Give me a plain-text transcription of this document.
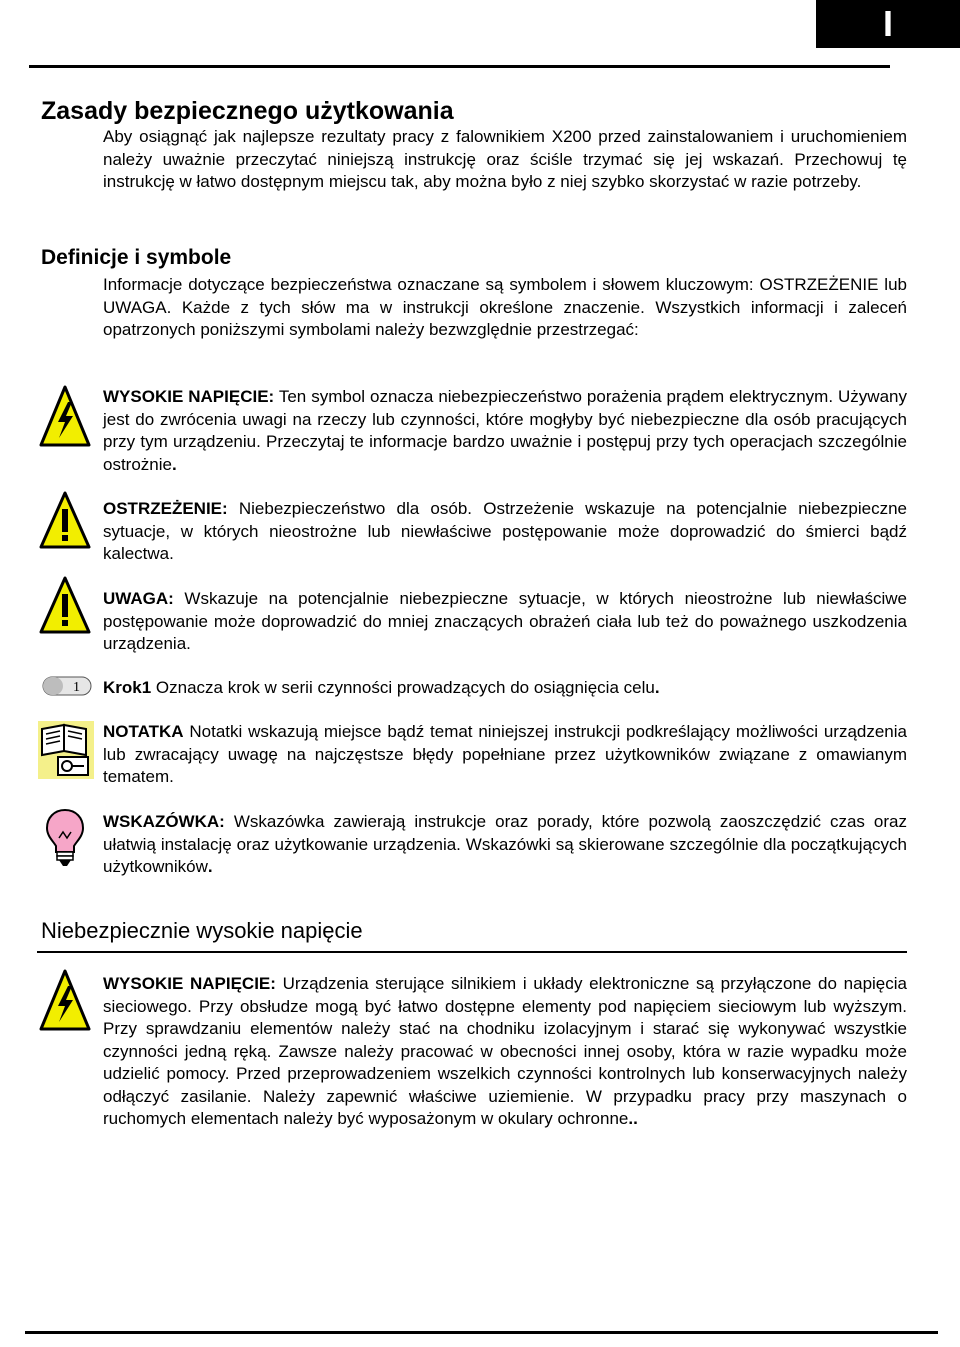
I
Zasady bezpiecznego użytkowania

Aby osiągnąć jak najlepsze rezultaty pracy z falownikiem X200 przed zainstalowaniem i uruchomieniem należy uważnie przeczytać niniejszą instrukcję oraz ściśle trzymać się jej wskazań. Przechowuj tę instrukcję w łatwo dostępnym miejscu tak, aby można było z niej szybko skorzystać w razie potrzeby.

Definicje i symbole

Informacje dotyczące bezpieczeństwa oznaczane są symbolem i słowem kluczowym: OSTRZEŻENIE lub UWAGA. Każde z tych słów ma w instrukcji określone znaczenie. Wszystkich informacji i zaleceń opatrzonych poniższymi symbolami należy bezwzględnie przestrzegać:

WYSOKIE NAPIĘCIE: Ten symbol oznacza niebezpieczeństwo porażenia prądem elektrycznym. Używany jest do zwrócenia uwagi na rzeczy lub czynności, które mogłyby być niebezpieczne dla osób pracujących przy tym urządzeniu. Przeczytaj te informacje bardzo uważnie i postępuj przy tych operacjach szczególnie ostrożnie.

OSTRZEŻENIE: Niebezpieczeństwo dla osób. Ostrzeżenie wskazuje na potencjalnie niebezpieczne sytuacje, w których nieostrożne lub niewłaściwe postępowanie może doprowadzić do śmierci bądź kalectwa.

UWAGA: Wskazuje na potencjalnie niebezpieczne sytuacje, w których nieostrożne lub niewłaściwe postępowanie może doprowadzić do mniej znaczących obrażeń ciała lub też do poważnego uszkodzenia urządzenia.

1 Krok1 Oznacza krok w serii czynności prowadzących do osiągnięcia celu.

NOTATKA Notatki wskazują miejsce bądź temat niniejszej instrukcji podkreślający możliwości urządzenia lub zwracający uwagę na najczęstsze błędy popełniane przez użytkowników związane z omawianym tematem.

WSKAZÓWKA: Wskazówka zawierają instrukcje oraz porady, które pozwolą zaoszczędzić czas oraz ułatwią instalację oraz użytkowanie urządzenia. Wskazówki są skierowane szczególnie dla początkujących użytkowników.

Niebezpiecznie wysokie napięcie

WYSOKIE NAPIĘCIE: Urządzenia sterujące silnikiem i układy elektroniczne są przyłączone do napięcia sieciowego. Przy obsłudze mogą być łatwo dostępne elementy pod napięciem sieciowym lub wyższym. Przy sprawdzaniu elementów należy stać na chodniku izolacyjnym i starać się wykonywać wszystkie czynności jedną ręką. Zawsze należy pracować w obecności innej osoby, która w razie wypadku może udzielić pomocy. Przed przeprowadzeniem wszelkich czynności kontrolnych lub konserwacyjnych należy odłączyć zasilanie. Należy zapewnić właściwe uziemienie. W przypadku pracy przy maszynach o ruchomych elementach należy być wyposażonym w okulary ochronne..
